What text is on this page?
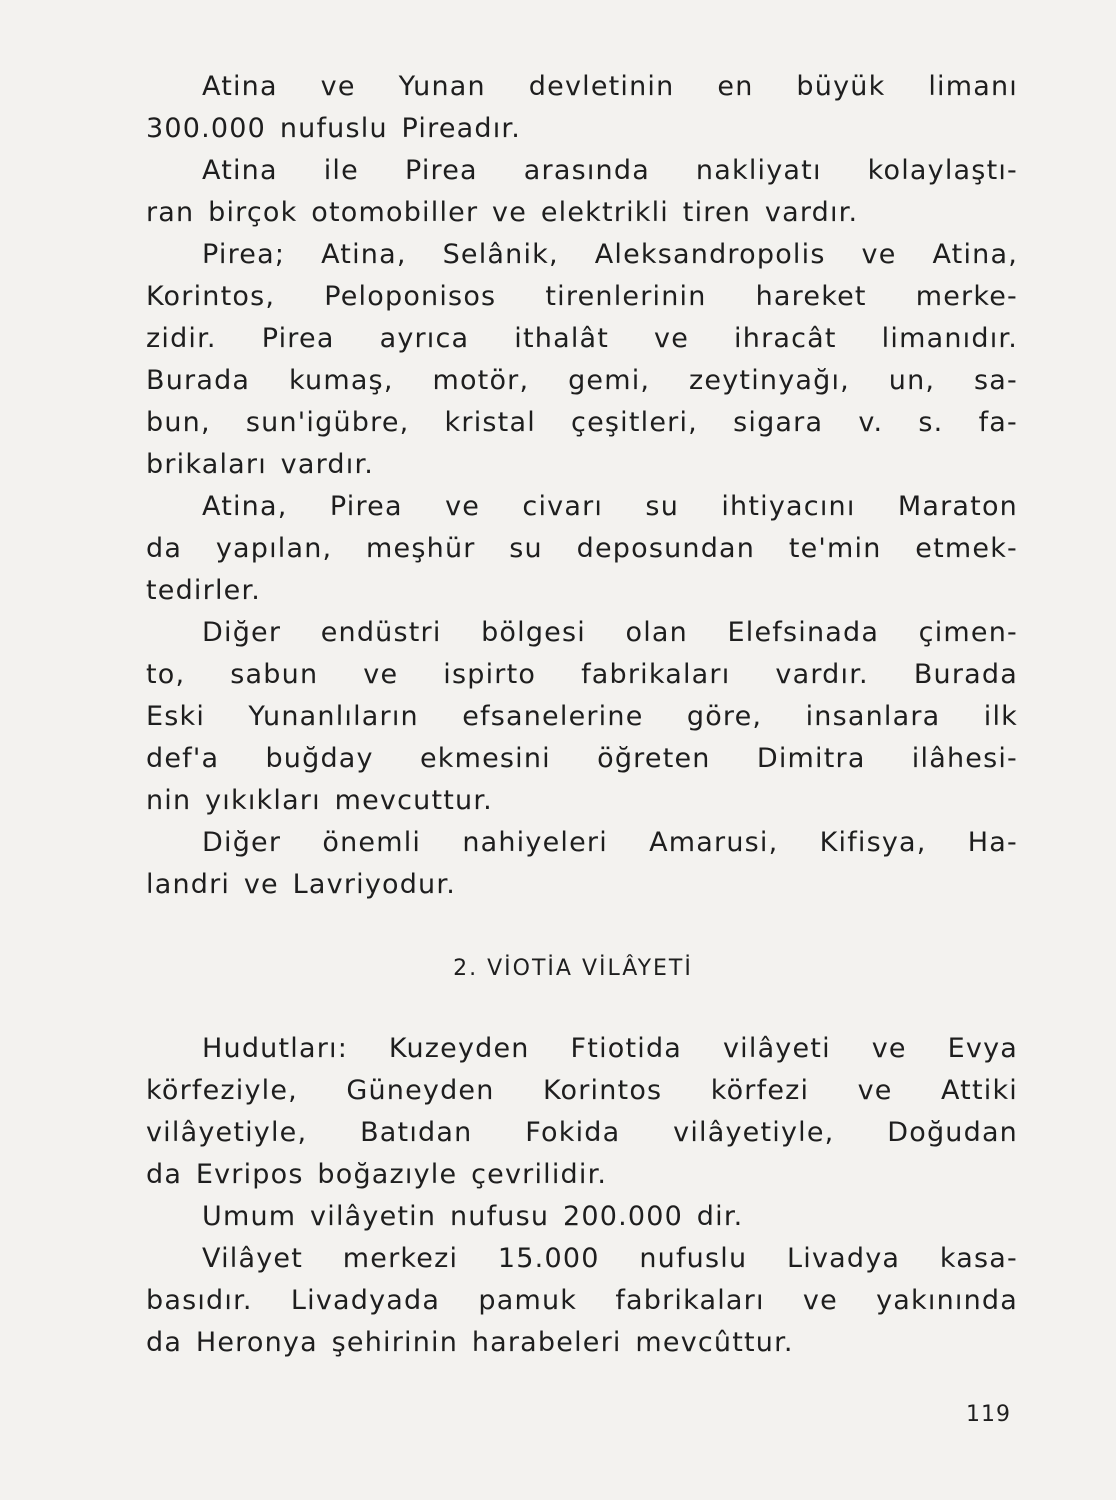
Atina ve Yunan devletinin en büyük limanı
300.000 nufuslu Pireadır.
Atina ile Pirea arasında nakliyatı kolaylaştı-
ran birçok otomobiller ve elektrikli tiren vardır.
Pirea; Atina, Selânik, Aleksandropolis ve Atina,
Korintos, Peloponisos tirenlerinin hareket merke-
zidir. Pirea ayrıca ithalât ve ihracât limanıdır.
Burada kumaş, motör, gemi, zeytinyağı, un, sa-
bun, sun'igübre, kristal çeşitleri, sigara v. s. fa-
brikaları vardır.
Atina, Pirea ve civarı su ihtiyacını Maraton
da yapılan, meşhür su deposundan te'min etmek-
tedirler.
Diğer endüstri bölgesi olan Elefsinada çimen-
to, sabun ve ispirto fabrikaları vardır. Burada
Eski Yunanlıların efsanelerine göre, insanlara ilk
def'a buğday ekmesini öğreten Dimitra ilâhesi-
nin yıkıkları mevcuttur.
Diğer önemli nahiyeleri Amarusi, Kifisya, Ha-
landri ve Lavriyodur.
2. VİOTİA VİLÂYETİ
Hudutları: Kuzeyden Ftiotida vilâyeti ve Evya
körfeziyle, Güneyden Korintos körfezi ve Attiki
vilâyetiyle, Batıdan Fokida vilâyetiyle, Doğudan
da Evripos boğazıyle çevrilidir.
Umum vilâyetin nufusu 200.000 dir.
Vilâyet merkezi 15.000 nufuslu Livadya kasa-
basıdır. Livadyada pamuk fabrikaları ve yakınında
da Heronya şehirinin harabeleri mevcûttur.
119
